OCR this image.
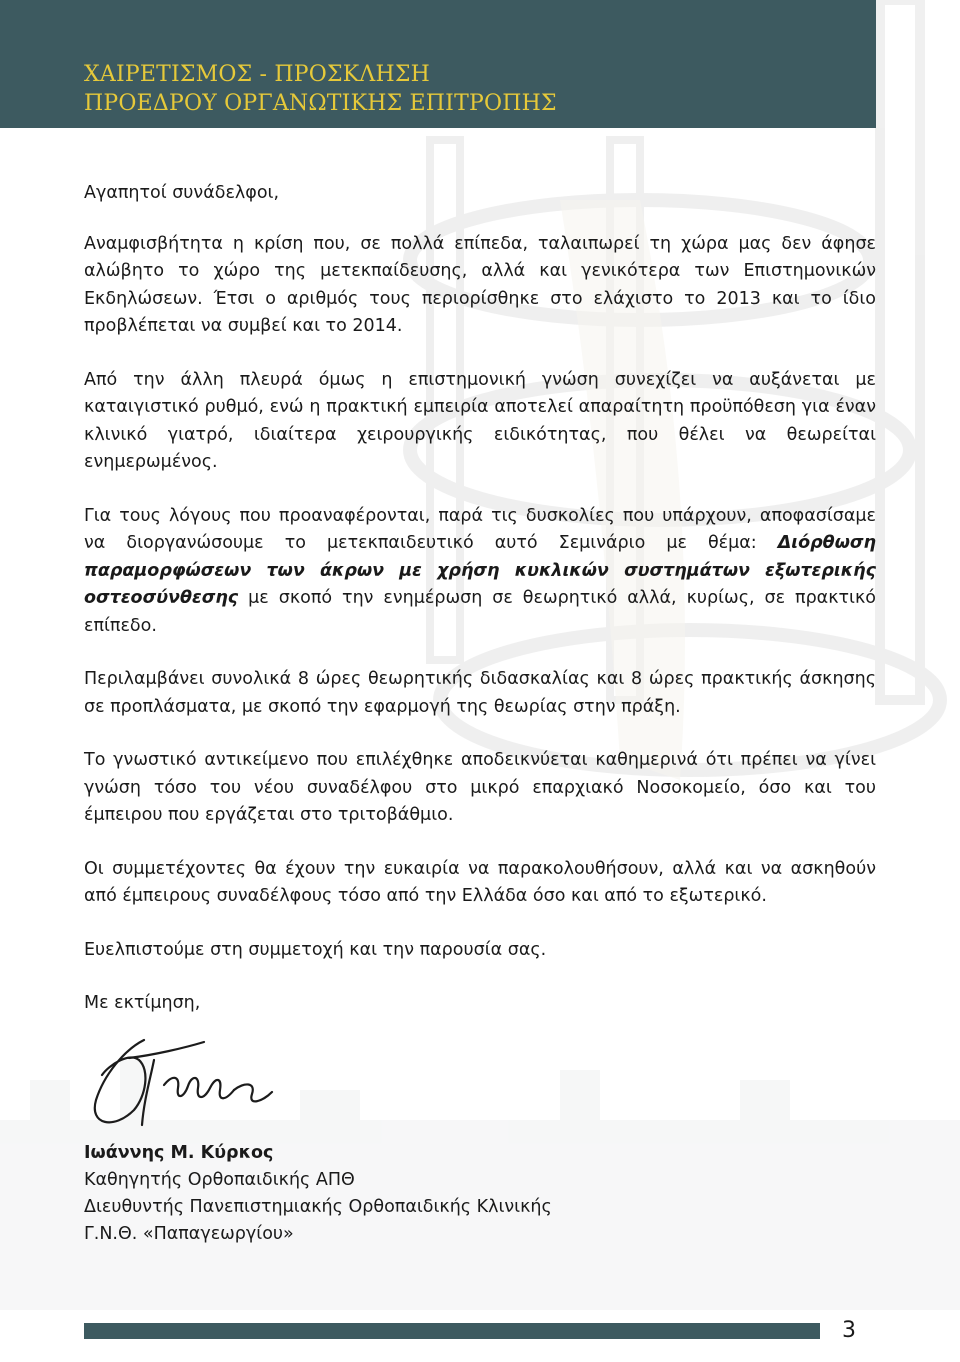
ΧΑΙΡΕΤΙΣΜΟΣ - ΠΡΟΣΚΛΗΣΗ
ΠΡΟΕΔΡΟΥ ΟΡΓΑΝΩΤΙΚΗΣ ΕΠΙΤΡΟΠΗΣ

Αγαπητοί συνάδελφοι,

Αναμφισβήτητα η κρίση που, σε πολλά επίπεδα, ταλαιπωρεί τη χώρα μας δεν άφησε αλώβητο το χώρο της μετεκπαίδευσης, αλλά και γενικότερα των Επιστημονικών Εκδηλώσεων. Έτσι ο αριθμός τους περιορίσθηκε στο ελάχιστο το 2013 και το ίδιο προβλέπεται να συμβεί και το 2014.

Από την άλλη πλευρά όμως η επιστημονική γνώση συνεχίζει να αυξάνεται με καταιγιστικό ρυθμό, ενώ η πρακτική εμπειρία αποτελεί απαραίτητη προϋπόθεση για έναν κλινικό γιατρό, ιδιαίτερα χειρουργικής ειδικότητας, που θέλει να θεωρείται ενημερωμένος.

Για τους λόγους που προαναφέρονται, παρά τις δυσκολίες που υπάρχουν, αποφασίσαμε να διοργανώσουμε το μετεκπαιδευτικό αυτό Σεμινάριο με θέμα: Διόρθωση παραμορφώσεων των άκρων με χρήση κυκλικών συστημάτων εξωτερικής οστεοσύνθεσης με σκοπό την ενημέρωση σε θεωρητικό αλλά, κυρίως, σε πρακτικό επίπεδο.

Περιλαμβάνει συνολικά 8 ώρες θεωρητικής διδασκαλίας και 8 ώρες πρακτικής άσκησης σε προπλάσματα, με σκοπό την εφαρμογή της θεωρίας στην πράξη.

Το γνωστικό αντικείμενο που επιλέχθηκε αποδεικνύεται καθημερινά ότι πρέπει να γίνει γνώση τόσο του νέου συναδέλφου στο μικρό επαρχιακό Νοσοκομείο, όσο και του έμπειρου που εργάζεται στο τριτοβάθμιο.

Οι συμμετέχοντες θα έχουν την ευκαιρία να παρακολουθήσουν, αλλά και να ασκηθούν από έμπειρους συναδέλφους τόσο από την Ελλάδα όσο και από το εξωτερικό.

Ευελπιστούμε στη συμμετοχή και την παρουσία σας.

Με εκτίμηση,

Ιωάννης Μ. Κύρκος
Καθηγητής Ορθοπαιδικής ΑΠΘ
Διευθυντής Πανεπιστημιακής Ορθοπαιδικής Κλινικής
Γ.Ν.Θ. «Παπαγεωργίου»
3
